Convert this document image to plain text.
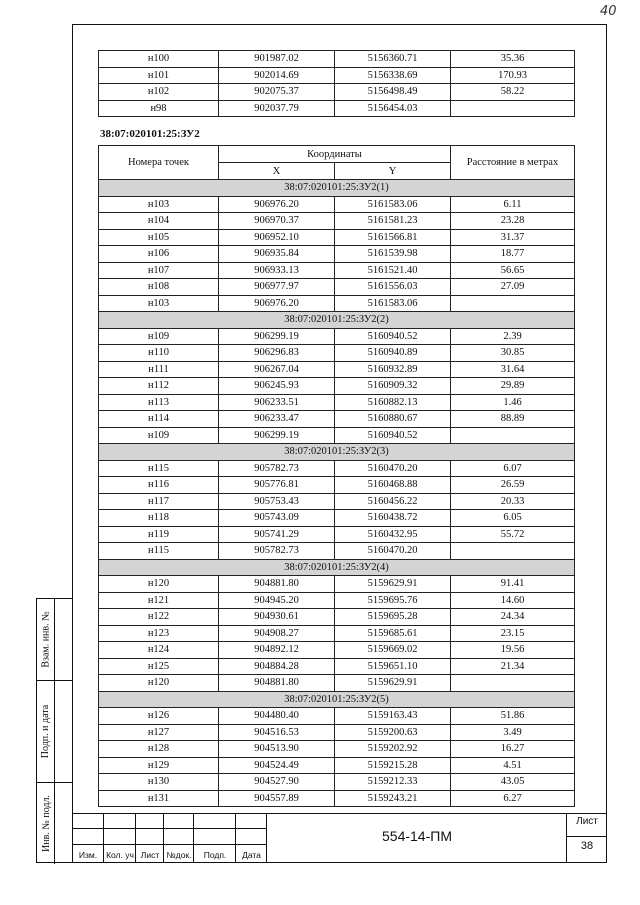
40
н100	901987.02	5156360.71	35.36
н101	902014.69	5156338.69	170.93
н102	902075.37	5156498.49	58.22
н98	902037.79	5156454.03	
38:07:020101:25:ЗУ2
Номера точек	Координаты		Расстояние в метрах
	X	Y	
38:07:020101:25:ЗУ2(1)			
н103	906976.20	5161583.06	6.11
н104	906970.37	5161581.23	23.28
н105	906952.10	5161566.81	31.37
н106	906935.84	5161539.98	18.77
н107	906933.13	5161521.40	56.65
н108	906977.97	5161556.03	27.09
н103	906976.20	5161583.06	
38:07:020101:25:ЗУ2(2)			
н109	906299.19	5160940.52	2.39
н110	906296.83	5160940.89	30.85
н111	906267.04	5160932.89	31.64
н112	906245.93	5160909.32	29.89
н113	906233.51	5160882.13	1.46
н114	906233.47	5160880.67	88.89
н109	906299.19	5160940.52	
38:07:020101:25:ЗУ2(3)			
н115	905782.73	5160470.20	6.07
н116	905776.81	5160468.88	26.59
н117	905753.43	5160456.22	20.33
н118	905743.09	5160438.72	6.05
н119	905741.29	5160432.95	55.72
н115	905782.73	5160470.20	
38:07:020101:25:ЗУ2(4)			
н120	904881.80	5159629.91	91.41
н121	904945.20	5159695.76	14.60
н122	904930.61	5159695.28	24.34
н123	904908.27	5159685.61	23.15
н124	904892.12	5159669.02	19.56
н125	904884.28	5159651.10	21.34
н120	904881.80	5159629.91	
38:07:020101:25:ЗУ2(5)			
н126	904480.40	5159163.43	51.86
н127	904516.53	5159200.63	3.49
н128	904513.90	5159202.92	16.27
н129	904524.49	5159215.28	4.51
н130	904527.90	5159212.33	43.05
н131	904557.89	5159243.21	6.27
Взам. инв. №
Подп. и дата
Инв. № подл.
Изм.	Кол. уч Лист №док.	Подп.	Дата
554-14-ПМ
Лист
38
